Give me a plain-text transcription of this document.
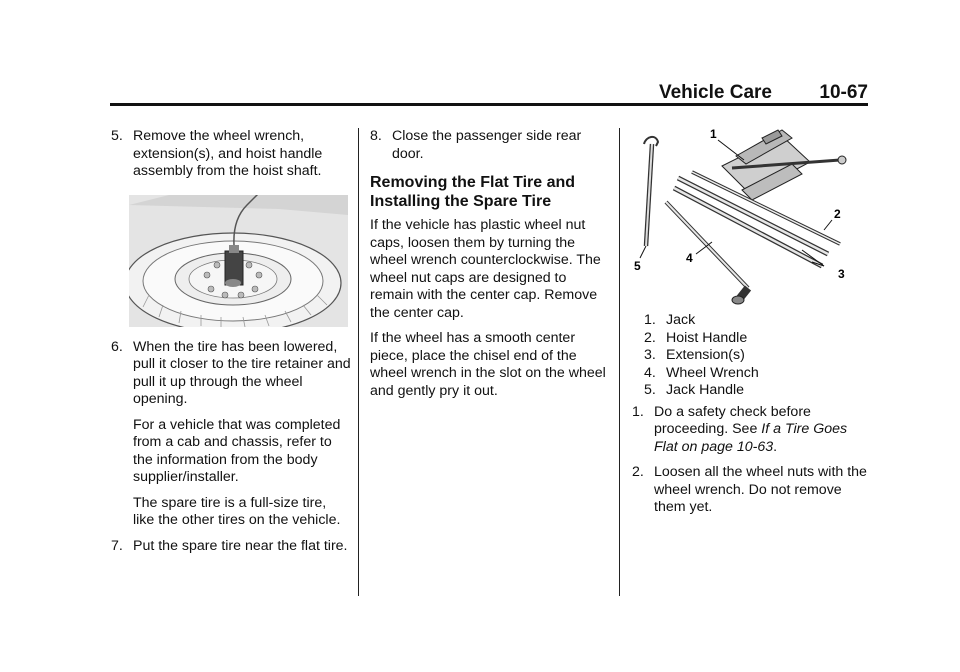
Vehicle Care 10-67
5. Remove the wheel wrench, extension(s), and hoist handle assembly from the hoist shaft.
6. When the tire has been lowered, pull it closer to the tire retainer and pull it up through the wheel opening.

For a vehicle that was completed from a cab and chassis, refer to the information from the body supplier/installer.

The spare tire is a full-size tire, like the other tires on the vehicle.

7. Put the spare tire near the flat tire.
8. Close the passenger side rear door.
Removing the Flat Tire and Installing the Spare Tire

If the vehicle has plastic wheel nut caps, loosen them by turning the wheel wrench counterclockwise. The wheel nut caps are designed to remain with the center cap. Remove the center cap.

If the wheel has a smooth center piece, place the chisel end of the wheel wrench in the slot on the wheel and gently pry it out.

1
2
3
4
5
1. Jack
2. Hoist Handle
3. Extension(s)
4. Wheel Wrench
5. Jack Handle
1. Do a safety check before proceeding. See If a Tire Goes Flat on page 10-63.
2. Loosen all the wheel nuts with the wheel wrench. Do not remove them yet.
